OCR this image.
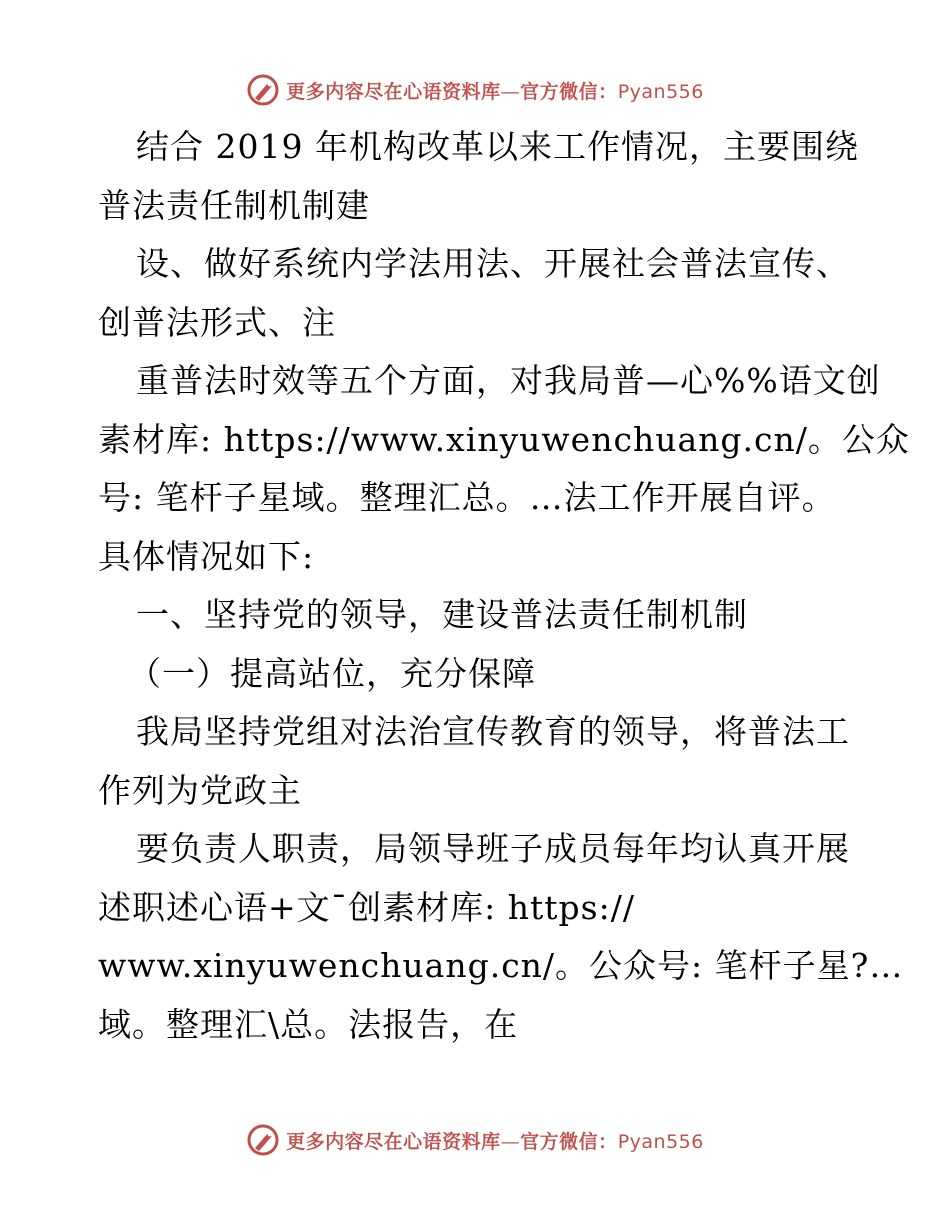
更多内容尽在心语资料库—官方微信：Pyan556
结合 2019 年机构改革以来工作情况，主要围绕
普法责任制机制建
设、做好系统内学法用法、开展社会普法宣传、
创普法形式、注
重普法时效等五个方面，对我局普—心%%语文创
素材库: https://www.xinyuwenchuang.cn/。公众
号: 笔杆子星域。整理汇总。…法工作开展自评。
具体情况如下:
一、坚持党的领导，建设普法责任制机制
（一）提高站位，充分保障
我局坚持党组对法治宣传教育的领导，将普法工
作列为党政主
要负责人职责，局领导班子成员每年均认真开展
述职述心语+文¯创素材库: https://
www.xinyuwenchuang.cn/。公众号: 笔杆子星?…
域。整理汇\总。法报告，在
更多内容尽在心语资料库—官方微信：Pyan556
